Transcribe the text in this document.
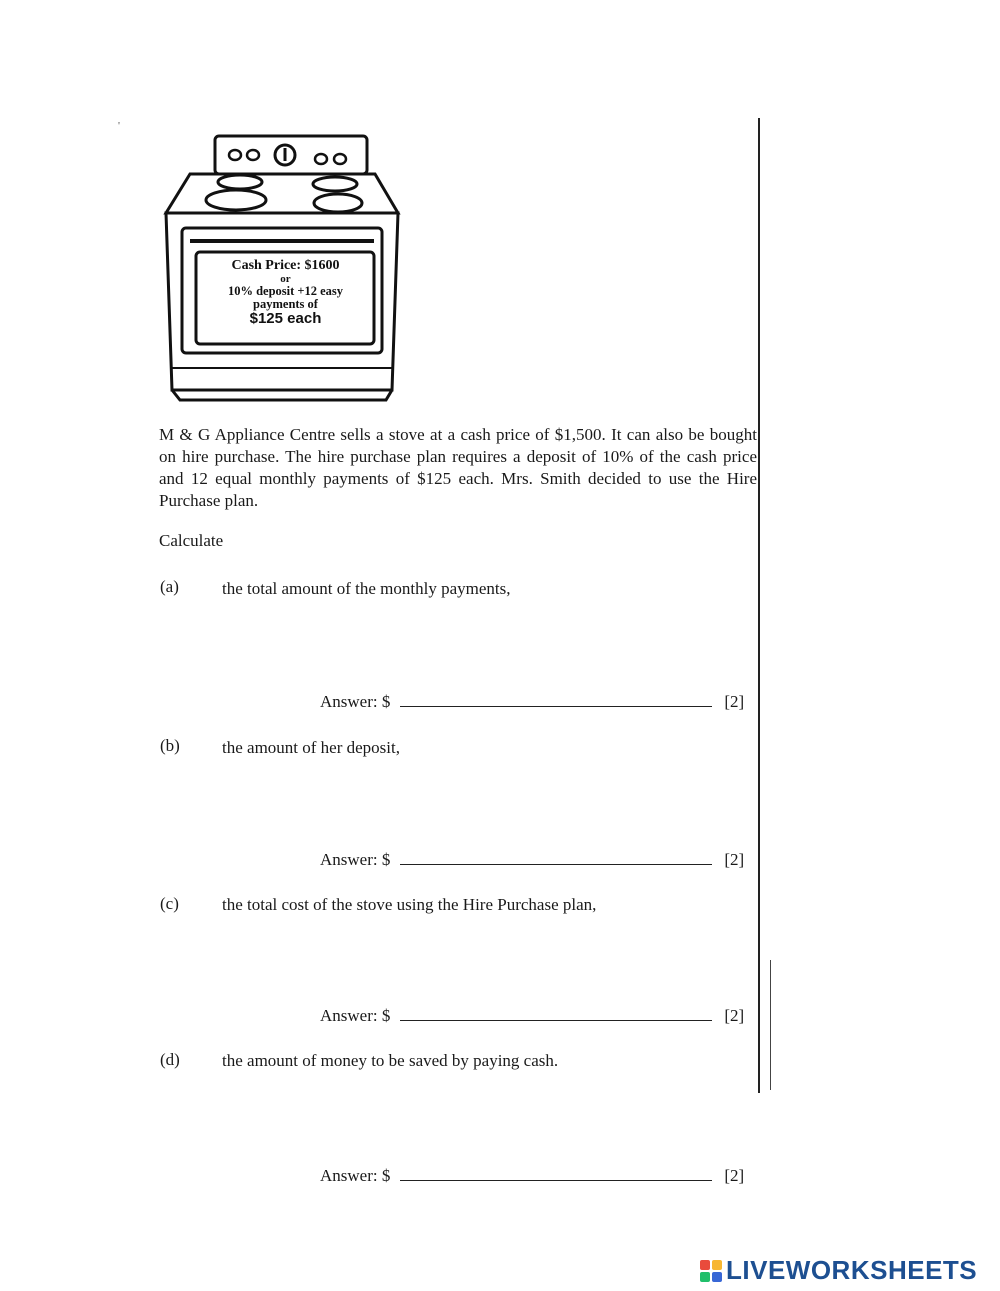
'
Cash Price: $1600
or
10% deposit +12 easy
payments of
$125 each
M & G Appliance Centre sells a stove at a cash price of $1,500. It can also be bought on hire purchase. The hire purchase plan requires a deposit of 10% of the cash price and 12 equal monthly payments of $125 each. Mrs. Smith decided to use the Hire Purchase plan.
Calculate
(a)	the total amount of the monthly payments,
Answer: $	[2]
(b) the amount of her deposit,
Answer: $	[2]
(c)	the total cost of the stove using the Hire Purchase plan,
Answer: $	[2]
(d) the amount of money to be saved by paying cash.
Answer: $	[2]
LIVEWORKSHEETS
